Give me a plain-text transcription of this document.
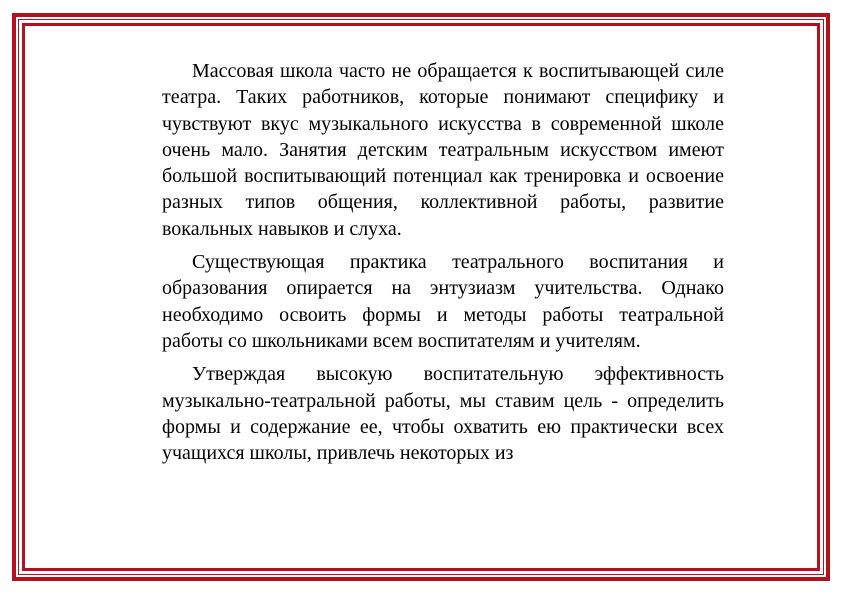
Массовая школа часто не обращается к воспитывающей силе театра. Таких работников, которые понимают специфику и чувствуют вкус музыкального искусства в современной школе очень мало. Занятия детским театральным искусством имеют большой воспитывающий потенциал как тренировка и освоение разных типов общения, коллективной работы, развитие вокальных навыков и слуха.

Существующая практика театрального воспитания и образования опирается на энтузиазм учительства. Однако необходимо освоить формы и методы работы театральной работы со школьниками всем воспитателям и учителям.

Утверждая высокую воспитательную эффективность музыкально-театральной работы, мы ставим цель - определить формы и содержание ее, чтобы охватить ею практически всех учащихся школы, привлечь некоторых из
